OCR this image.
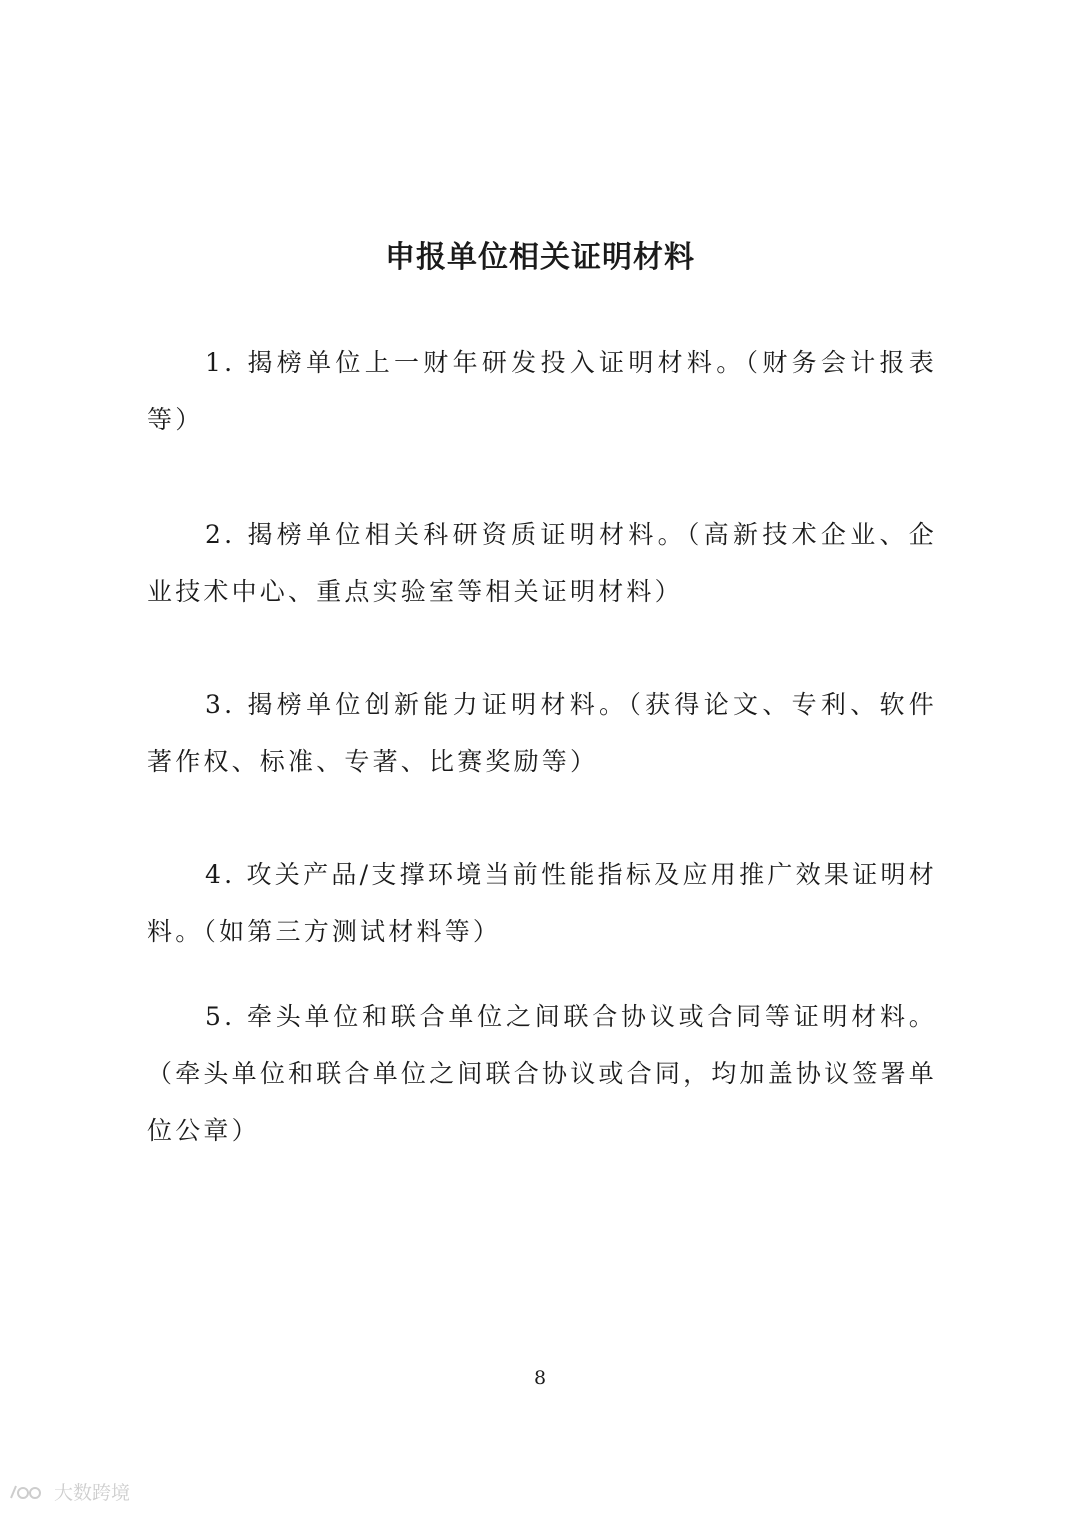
申报单位相关证明材料

1. 揭榜单位上一财年研发投入证明材料。（财务会计报表等）

2. 揭榜单位相关科研资质证明材料。（高新技术企业、企业技术中心、重点实验室等相关证明材料）

3. 揭榜单位创新能力证明材料。（获得论文、专利、软件著作权、标准、专著、比赛奖励等）

4. 攻关产品/支撑环境当前性能指标及应用推广效果证明材料。（如第三方测试材料等）

5. 牵头单位和联合单位之间联合协议或合同等证明材料。（牵头单位和联合单位之间联合协议或合同，均加盖协议签署单位公章）

8
大数跨境
